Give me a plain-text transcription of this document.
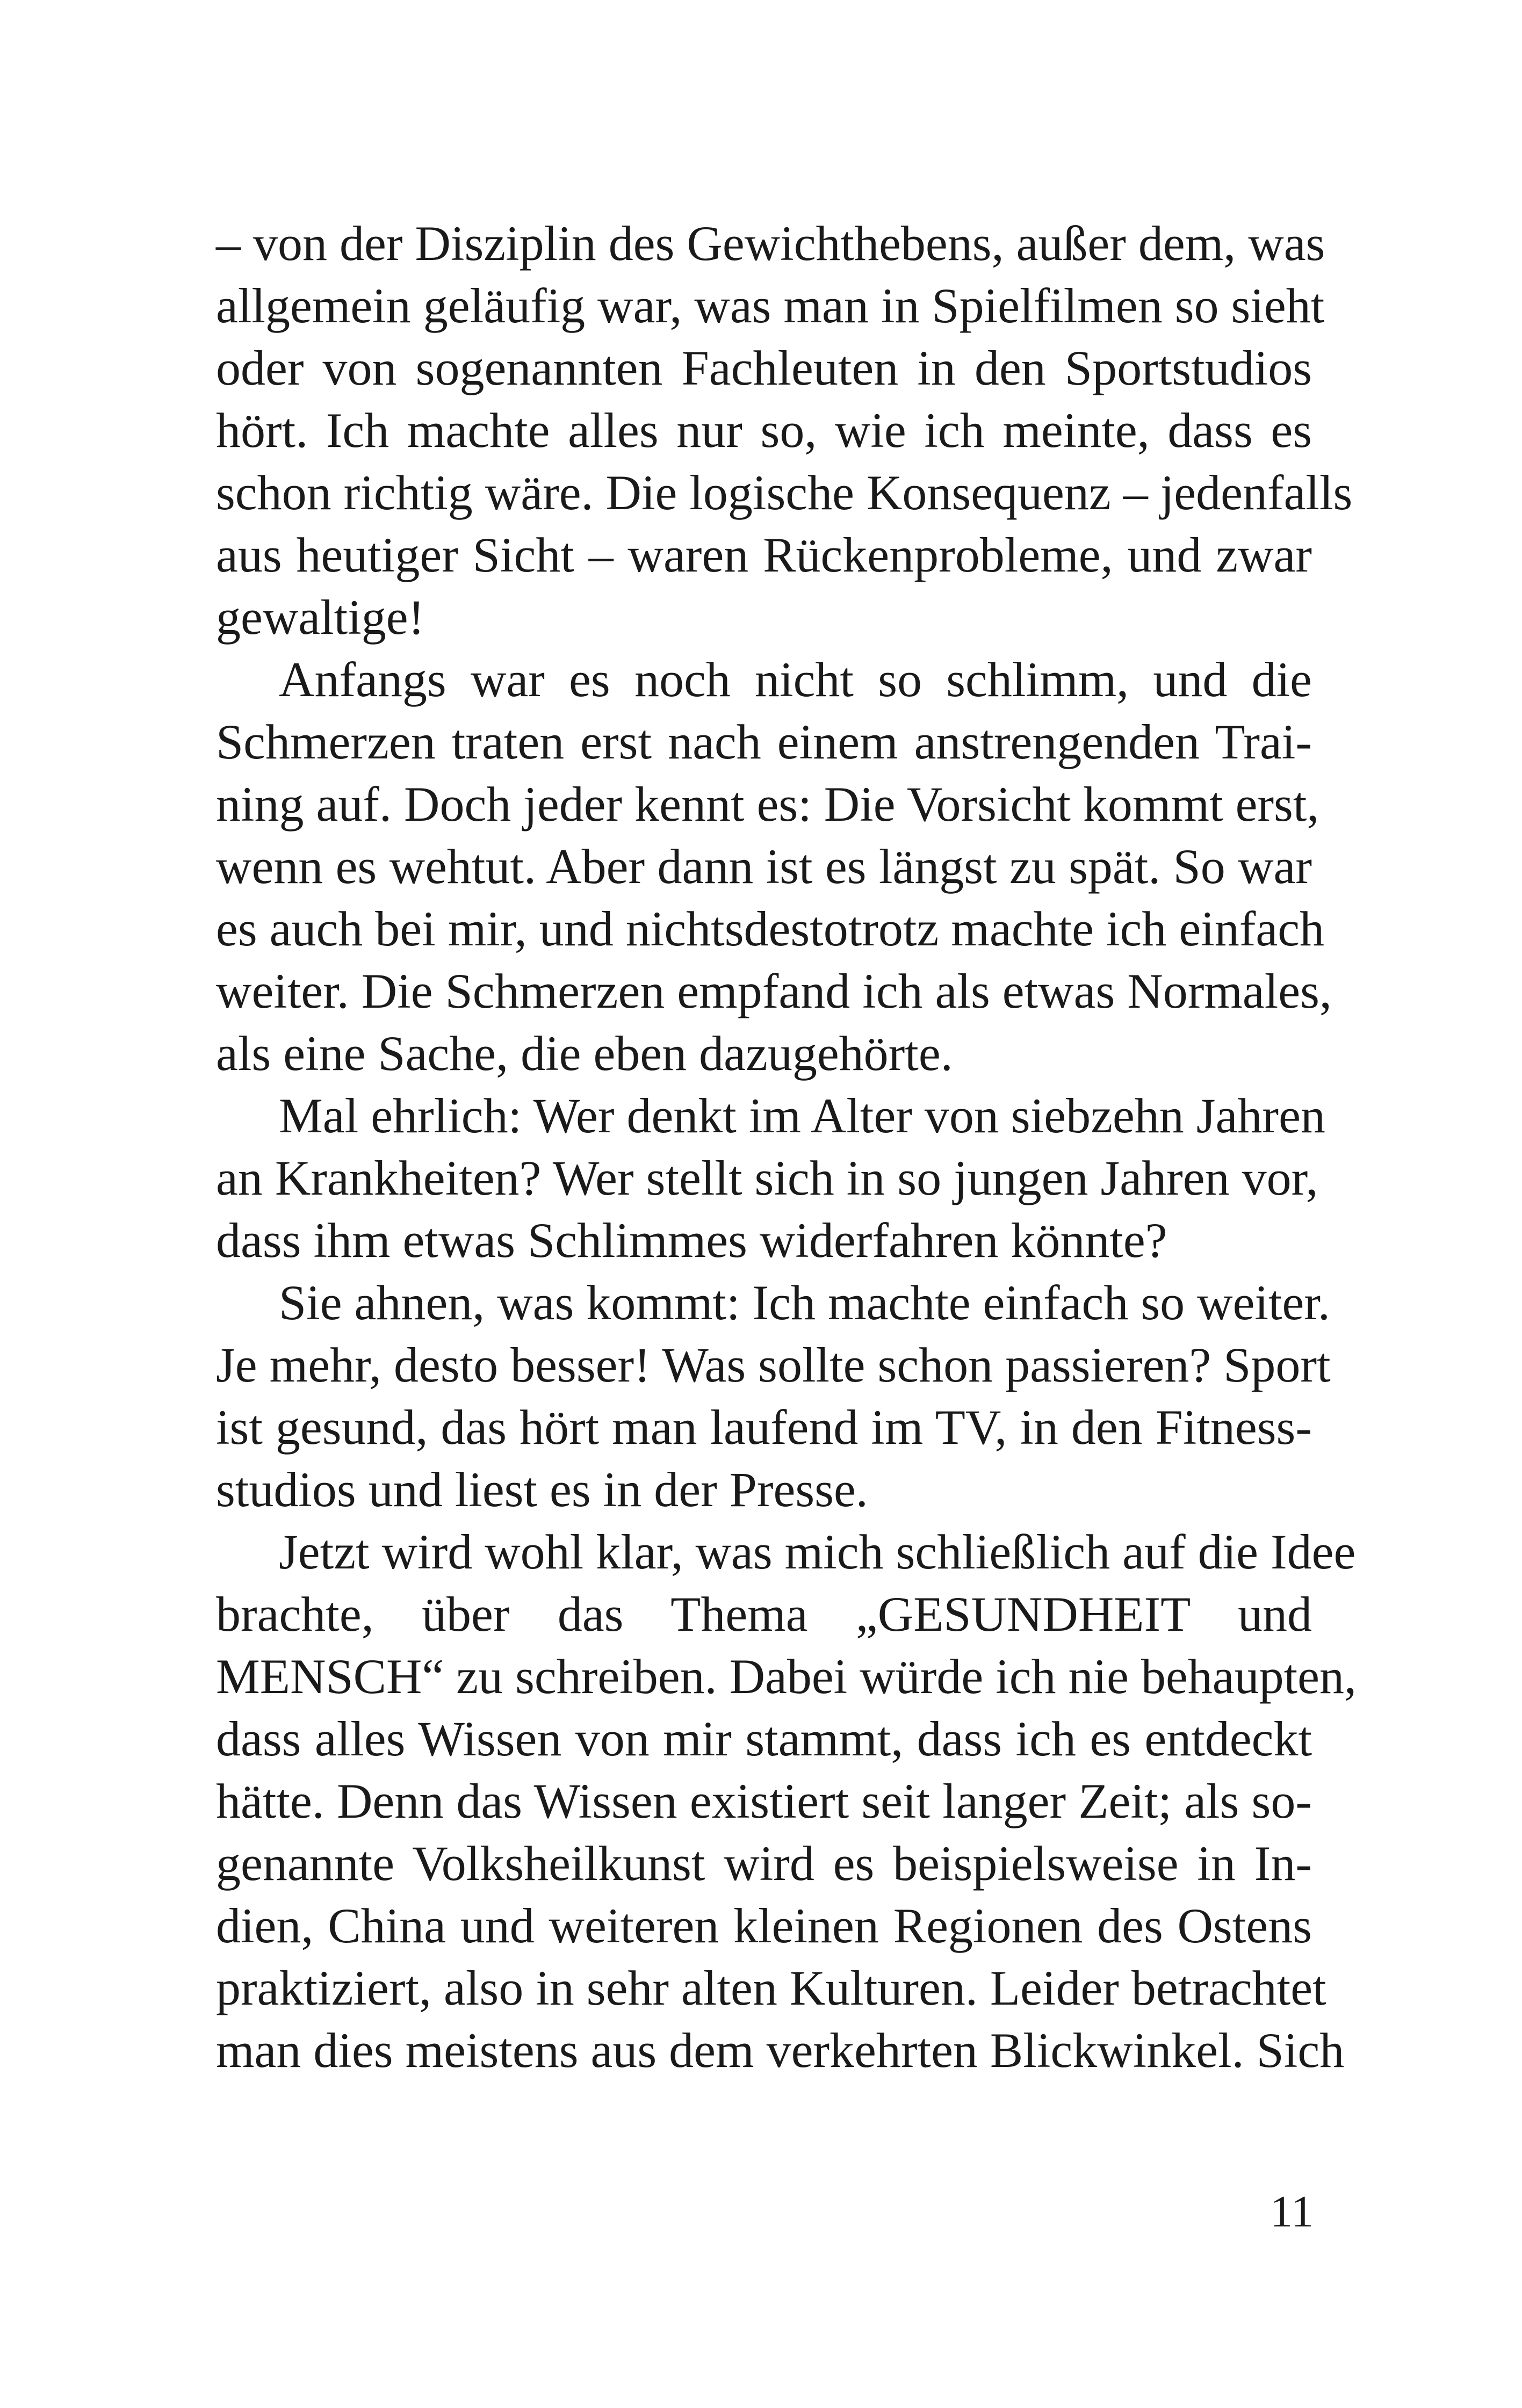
– von der Disziplin des Gewichthebens, außer dem, was
allgemein geläufig war, was man in Spielfilmen so sieht
oder von sogenannten Fachleuten in den Sportstudios
hört. Ich machte alles nur so, wie ich meinte, dass es
schon richtig wäre. Die logische Konsequenz – jedenfalls
aus heutiger Sicht – waren Rückenprobleme, und zwar
gewaltige!
Anfangs war es noch nicht so schlimm, und die
Schmerzen traten erst nach einem anstrengenden Trai-
ning auf. Doch jeder kennt es: Die Vorsicht kommt erst,
wenn es wehtut. Aber dann ist es längst zu spät. So war
es auch bei mir, und nichtsdestotrotz machte ich einfach
weiter. Die Schmerzen empfand ich als etwas Normales,
als eine Sache, die eben dazugehörte.
Mal ehrlich: Wer denkt im Alter von siebzehn Jahren
an Krankheiten? Wer stellt sich in so jungen Jahren vor,
dass ihm etwas Schlimmes widerfahren könnte?
Sie ahnen, was kommt: Ich machte einfach so weiter.
Je mehr, desto besser! Was sollte schon passieren? Sport
ist gesund, das hört man laufend im TV, in den Fitness-
studios und liest es in der Presse.
Jetzt wird wohl klar, was mich schließlich auf die Idee
brachte, über das Thema „GESUNDHEIT und
MENSCH“ zu schreiben. Dabei würde ich nie behaupten,
dass alles Wissen von mir stammt, dass ich es entdeckt
hätte. Denn das Wissen existiert seit langer Zeit; als so-
genannte Volksheilkunst wird es beispielsweise in In-
dien, China und weiteren kleinen Regionen des Ostens
praktiziert, also in sehr alten Kulturen. Leider betrachtet
man dies meistens aus dem verkehrten Blickwinkel. Sich
11
